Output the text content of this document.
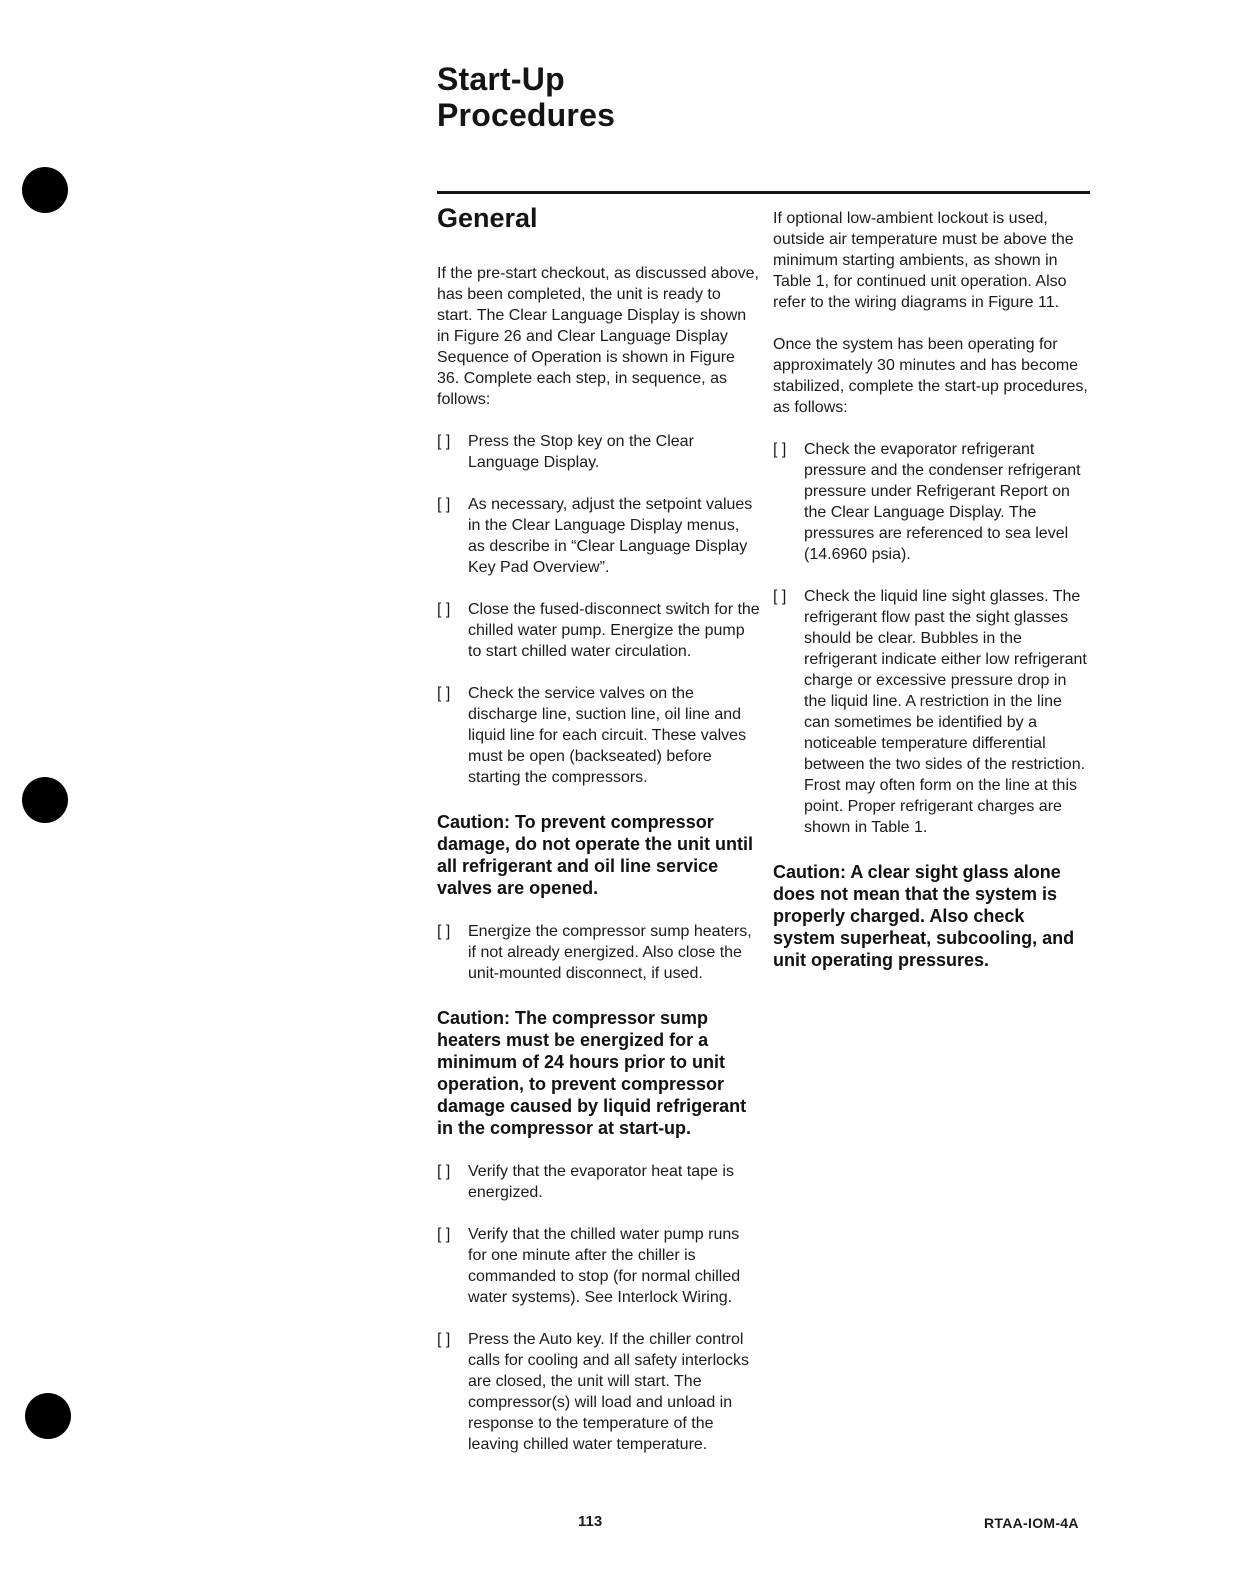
Start-Up
Procedures
General

If the pre-start checkout, as discussed above, has been completed, the unit is ready to start. The Clear Language Display is shown in Figure 26 and Clear Language Display Sequence of Operation is shown in Figure 36. Complete each step, in sequence, as follows:

[ ]	Press the Stop key on the Clear Language Display.
[ ]	As necessary, adjust the setpoint values in the Clear Language Display menus, as describe in “Clear Language Display Key Pad Overview”.
[ ]	Close the fused-disconnect switch for the chilled water pump. Energize the pump to start chilled water circulation.
[ ]	Check the service valves on the discharge line, suction line, oil line and liquid line for each circuit. These valves must be open (backseated) before starting the compressors.

Caution: To prevent compressor damage, do not operate the unit until all refrigerant and oil line service valves are opened.

[ ]	Energize the compressor sump heaters, if not already energized. Also close the unit-mounted disconnect, if used.

Caution: The compressor sump heaters must be energized for a minimum of 24 hours prior to unit operation, to prevent compressor damage caused by liquid refrigerant in the compressor at start-up.

[ ]	Verify that the evaporator heat tape is energized.
[ ]	Verify that the chilled water pump runs for one minute after the chiller is commanded to stop (for normal chilled water systems). See Interlock Wiring.
[ ]	Press the Auto key. If the chiller control calls for cooling and all safety interlocks are closed, the unit will start. The compressor(s) will load and unload in response to the temperature of the leaving chilled water temperature.

If optional low-ambient lockout is used, outside air temperature must be above the minimum starting ambients, as shown in Table 1, for continued unit operation. Also refer to the wiring diagrams in Figure 11.

Once the system has been operating for approximately 30 minutes and has become stabilized, complete the start-up procedures, as follows:

[ ]	Check the evaporator refrigerant pressure and the condenser refrigerant pressure under Refrigerant Report on the Clear Language Display. The pressures are referenced to sea level (14.6960 psia).
[ ]	Check the liquid line sight glasses. The refrigerant flow past the sight glasses should be clear. Bubbles in the refrigerant indicate either low refrigerant charge or excessive pressure drop in the liquid line. A restriction in the line can sometimes be identified by a noticeable temperature differential between the two sides of the restriction. Frost may often form on the line at this point. Proper refrigerant charges are shown in Table 1.

Caution: A clear sight glass alone does not mean that the system is properly charged. Also check system superheat, subcooling, and unit operating pressures.

113	RTAA-IOM-4A
